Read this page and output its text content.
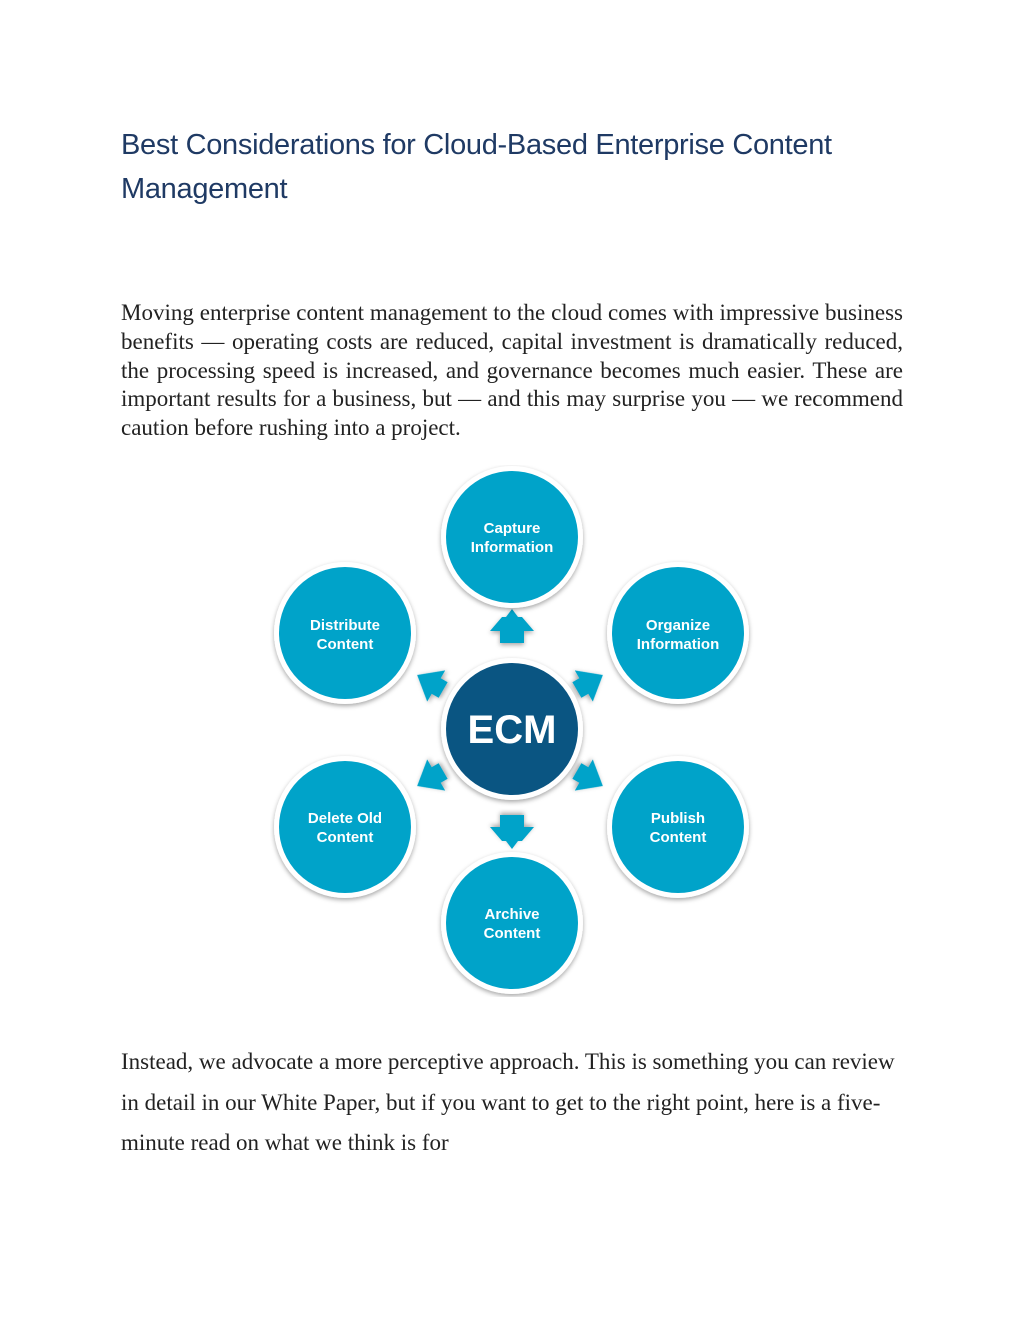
Best Considerations for Cloud-Based Enterprise Content Management

Moving enterprise content management to the cloud comes with impressive business benefits — operating costs are reduced, capital investment is dramatically reduced, the processing speed is increased, and governance becomes much easier. These are important results for a business, but — and this may surprise you — we recommend caution before rushing into a project.

ECM
Capture
Information
Organize
Information
Publish
Content
Archive
Content
Delete Old
Content
Distribute
Content

Instead, we advocate a more perceptive approach. This is something you can review in detail in our White Paper, but if you want to get to the right point, here is a five-minute read on what we think is for
